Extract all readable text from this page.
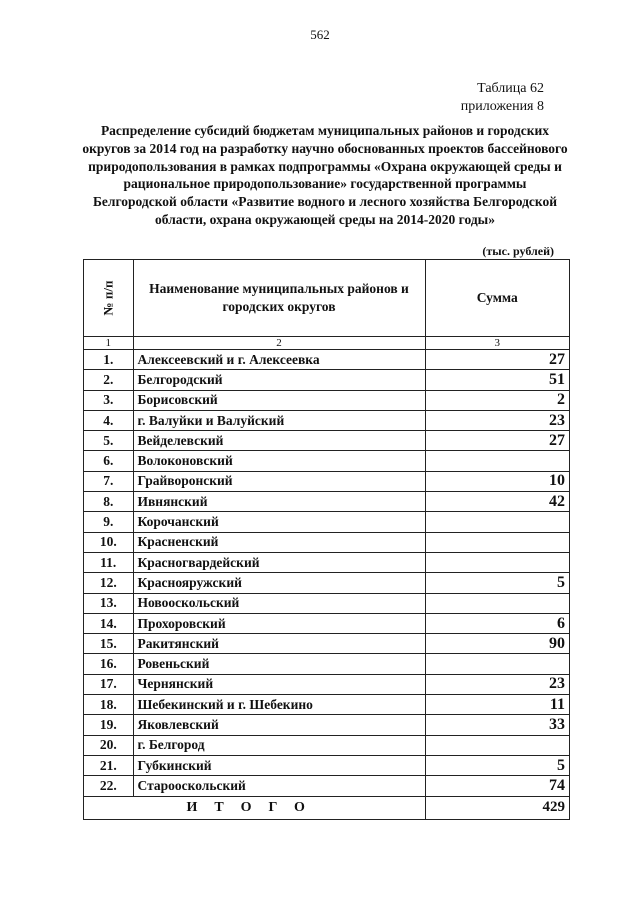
562
Таблица 62
приложения 8
Распределение субсидий бюджетам муниципальных районов и городских округов за 2014 год на разработку научно обоснованных проектов бассейнового природопользования в рамках подпрограммы «Охрана окружающей среды и рациональное природопользование» государственной программы Белгородской области «Развитие водного и лесного хозяйства Белгородской области, охрана окружающей среды на 2014-2020 годы»
(тыс. рублей)
№ п/п	Наименование муниципальных районов и городских округов	Сумма
1	2	3
1.	Алексеевский и г. Алексеевка	27
2.	Белгородский	51
3.	Борисовский	2
4.	г. Валуйки и Валуйский	23
5.	Вейделевский	27
6.	Волоконовский	
7.	Грайворонский	10
8.	Ивнянский	42
9.	Корочанский	
10.	Красненский	
11.	Красногвардейский	
12.	Краснояружский	5
13.	Новооскольский	
14.	Прохоровский	6
15.	Ракитянский	90
16.	Ровеньский	
17.	Чернянский	23
18.	Шебекинский и г. Шебекино	11
19.	Яковлевский	33
20.	г. Белгород	
21.	Губкинский	5
22.	Старооскольский	74
ИТОГО		429
